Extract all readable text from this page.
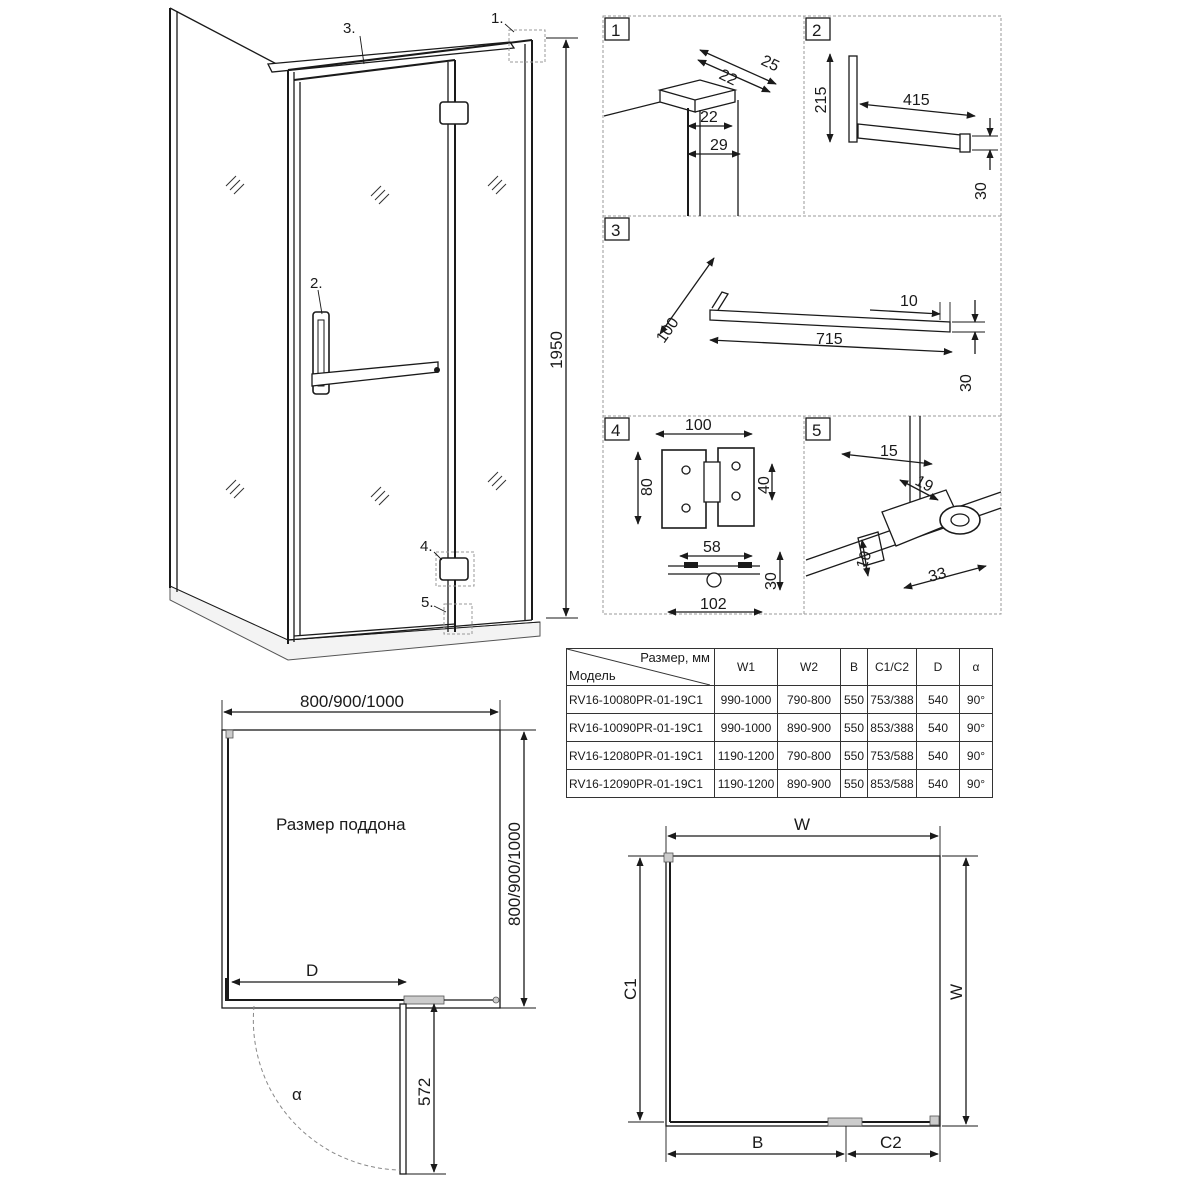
3.
1.
2.
4.
5.
1950
1
25
22
22
29
2
215	415
30
3
100	715
10
30
4	100
80	40
58
102
30
5
15
19
10
33
800/900/1000
Размер поддона
D
800/900/1000
α	572
W
C1	W
B	C2
Размер, мм
Модель	W1	W2	B	C1/C2	D	α
RV16-10080PR-01-19C1	990-1000	790-800	550	753/388	540	90°
RV16-10090PR-01-19C1	990-1000	890-900	550	853/388	540	90°
RV16-12080PR-01-19C1	1190-1200	790-800	550	753/588	540	90°
RV16-12090PR-01-19C1	1190-1200	890-900	550	853/588	540	90°
